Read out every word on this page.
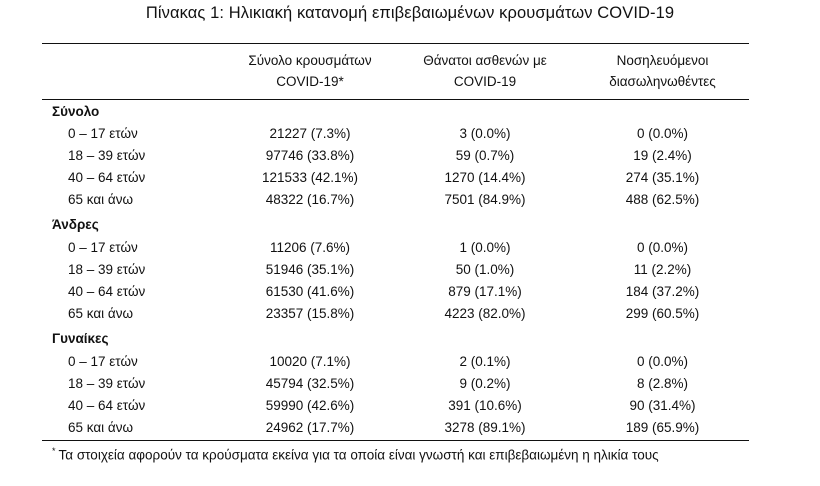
Πίνακας 1: Ηλικιακή κατανομή επιβεβαιωμένων κρουσμάτων COVID-19
Σύνολο κρουσμάτων
COVID-19*
Θάνατοι ασθενών με
COVID-19
Νοσηλευόμενοι
διασωληνωθέντες
Σύνολο
0 – 17 ετών	21227 (7.3%)	3 (0.0%)	0 (0.0%)
18 – 39 ετών	97746 (33.8%)	59 (0.7%)	19 (2.4%)
40 – 64 ετών	121533 (42.1%)	1270 (14.4%)	274 (35.1%)
65 και άνω	48322 (16.7%)	7501 (84.9%)	488 (62.5%)
Άνδρες
0 – 17 ετών	11206 (7.6%)	1 (0.0%)	0 (0.0%)
18 – 39 ετών	51946 (35.1%)	50 (1.0%)	11 (2.2%)
40 – 64 ετών	61530 (41.6%)	879 (17.1%)	184 (37.2%)
65 και άνω	23357 (15.8%)	4223 (82.0%)	299 (60.5%)
Γυναίκες
0 – 17 ετών	10020 (7.1%)	2 (0.1%)	0 (0.0%)
18 – 39 ετών	45794 (32.5%)	9 (0.2%)	8 (2.8%)
40 – 64 ετών	59990 (42.6%)	391 (10.6%)	90 (31.4%)
65 και άνω	24962 (17.7%)	3278 (89.1%)	189 (65.9%)
* Τα στοιχεία αφορούν τα κρούσματα εκείνα για τα οποία είναι γνωστή και επιβεβαιωμένη η ηλικία τους
